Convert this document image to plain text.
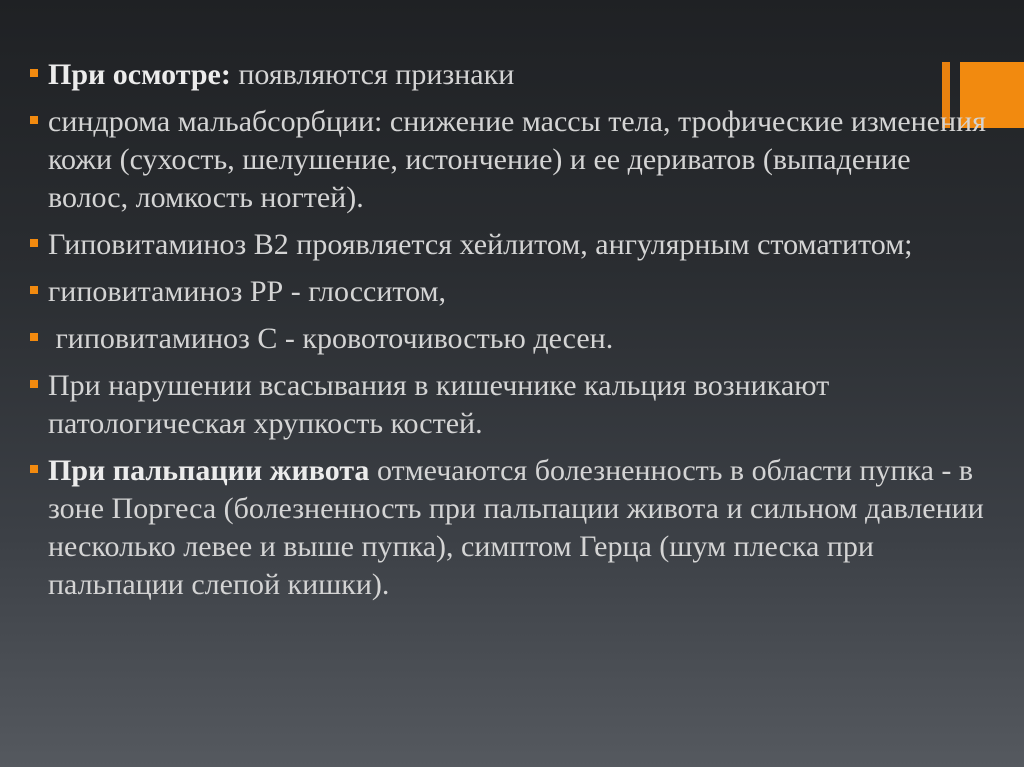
При осмотре: появляются признаки
синдрома мальабсорбции: снижение массы тела, трофические изменения кожи (сухость, шелушение, истончение) и ее дериватов (выпадение волос, ломкость ногтей).
Гиповитаминоз В2 проявляется хейлитом, ангулярным стоматитом;
гиповитаминоз РР - глосситом,
гиповитаминоз С - кровоточивостью десен.
При нарушении всасывания в кишечнике кальция возникают патологическая хрупкость костей.
При пальпации живота отмечаются болезненность в области пупка - в зоне Поргеса (болезненность при пальпации живота и сильном давлении несколько левее и выше пупка), симптом Герца (шум плеска при пальпации слепой кишки).
